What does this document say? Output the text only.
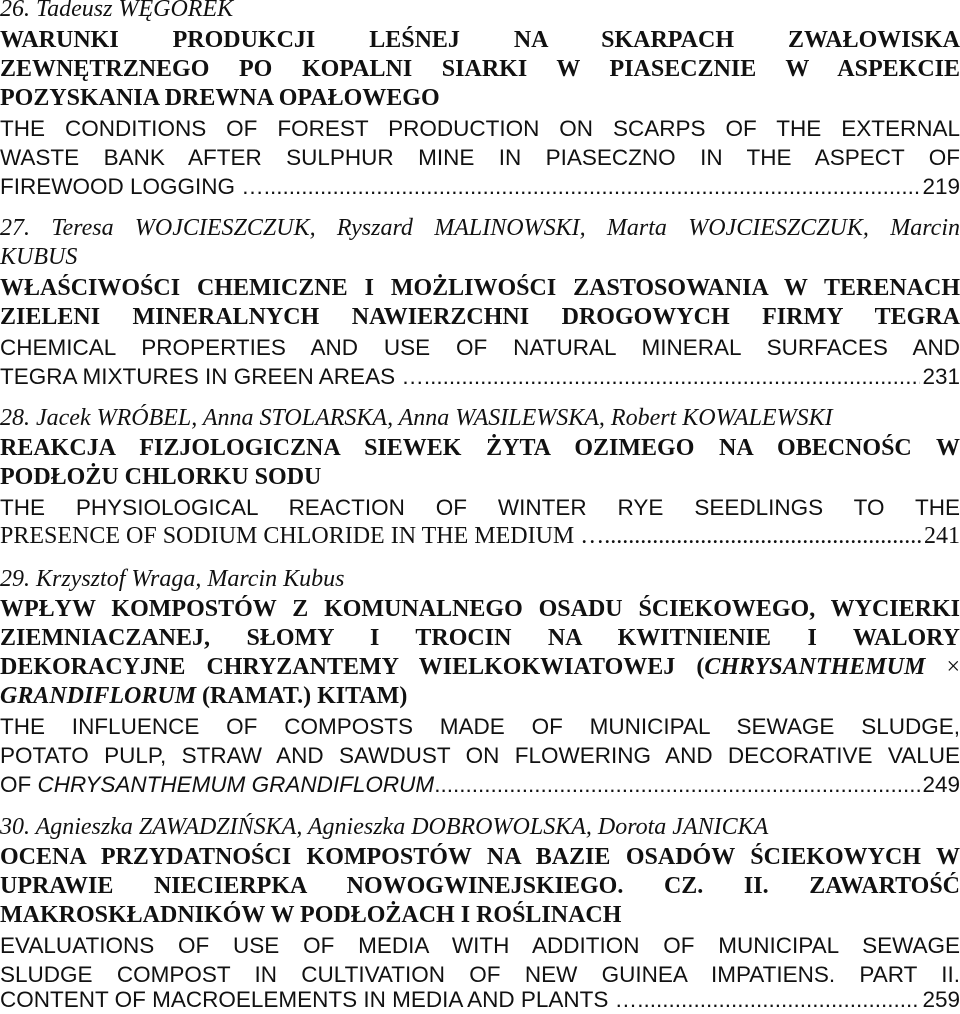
26. Tadeusz WĘGOREK
WARUNKI PRODUKCJI LEŚNEJ NA SKARPACH ZWAŁOWISKA
ZEWNĘTRZNEGO PO KOPALNI SIARKI W PIASECZNIE W ASPEKCIE
POZYSKANIA DREWNA OPAŁOWEGO
THE CONDITIONS OF FOREST PRODUCTION ON SCARPS OF THE EXTERNAL
WASTE BANK AFTER SULPHUR MINE IN PIASECZNO IN THE ASPECT OF
FIREWOOD LOGGING … .....	219
27. Teresa WOJCIESZCZUK, Ryszard MALINOWSKI, Marta WOJCIESZCZUK, Marcin
KUBUS
WŁAŚCIWOŚCI CHEMICZNE I MOŻLIWOŚCI ZASTOSOWANIA W TERENACH
ZIELENI MINERALNYCH NAWIERZCHNI DROGOWYCH FIRMY TEGRA
CHEMICAL PROPERTIES AND USE OF NATURAL MINERAL SURFACES AND
TEGRA MIXTURES IN GREEN AREAS … .....	231
28. Jacek WRÓBEL, Anna STOLARSKA, Anna WASILEWSKA, Robert KOWALEWSKI
REAKCJA FIZJOLOGICZNA SIEWEK ŻYTA OZIMEGO NA OBECNOŚC W
PODŁOŻU CHLORKU SODU
THE PHYSIOLOGICAL REACTION OF WINTER RYE SEEDLINGS TO THE
PRESENCE OF SODIUM CHLORIDE IN THE MEDIUM … .....	241
29. Krzysztof Wraga, Marcin Kubus
WPŁYW KOMPOSTÓW Z KOMUNALNEGO OSADU ŚCIEKOWEGO, WYCIERKI
ZIEMNIACZANEJ, SŁOMY I TROCIN NA KWITNIENIE I WALORY
DEKORACYJNE CHRYZANTEMY WIELKOKWIATOWEJ (CHRYSANTHEMUM ×
GRANDIFLORUM (RAMAT.) KITAM)
THE INFLUENCE OF COMPOSTS MADE OF MUNICIPAL SEWAGE SLUDGE,
POTATO PULP, STRAW AND SAWDUST ON FLOWERING AND DECORATIVE VALUE
OF CHRYSANTHEMUM GRANDIFLORUM .....	249
30. Agnieszka ZAWADZIŃSKA, Agnieszka DOBROWOLSKA, Dorota JANICKA
OCENA PRZYDATNOŚCI KOMPOSTÓW NA BAZIE OSADÓW ŚCIEKOWYCH W
UPRAWIE NIECIERPKA NOWOGWINEJSKIEGO. CZ. II. ZAWARTOŚĆ
MAKROSKŁADNIKÓW W PODŁOŻACH I ROŚLINACH
EVALUATIONS OF USE OF MEDIA WITH ADDITION OF MUNICIPAL SEWAGE
SLUDGE COMPOST IN CULTIVATION OF NEW GUINEA IMPATIENS. PART II.
CONTENT OF MACROELEMENTS IN MEDIA AND PLANTS … .....	259
